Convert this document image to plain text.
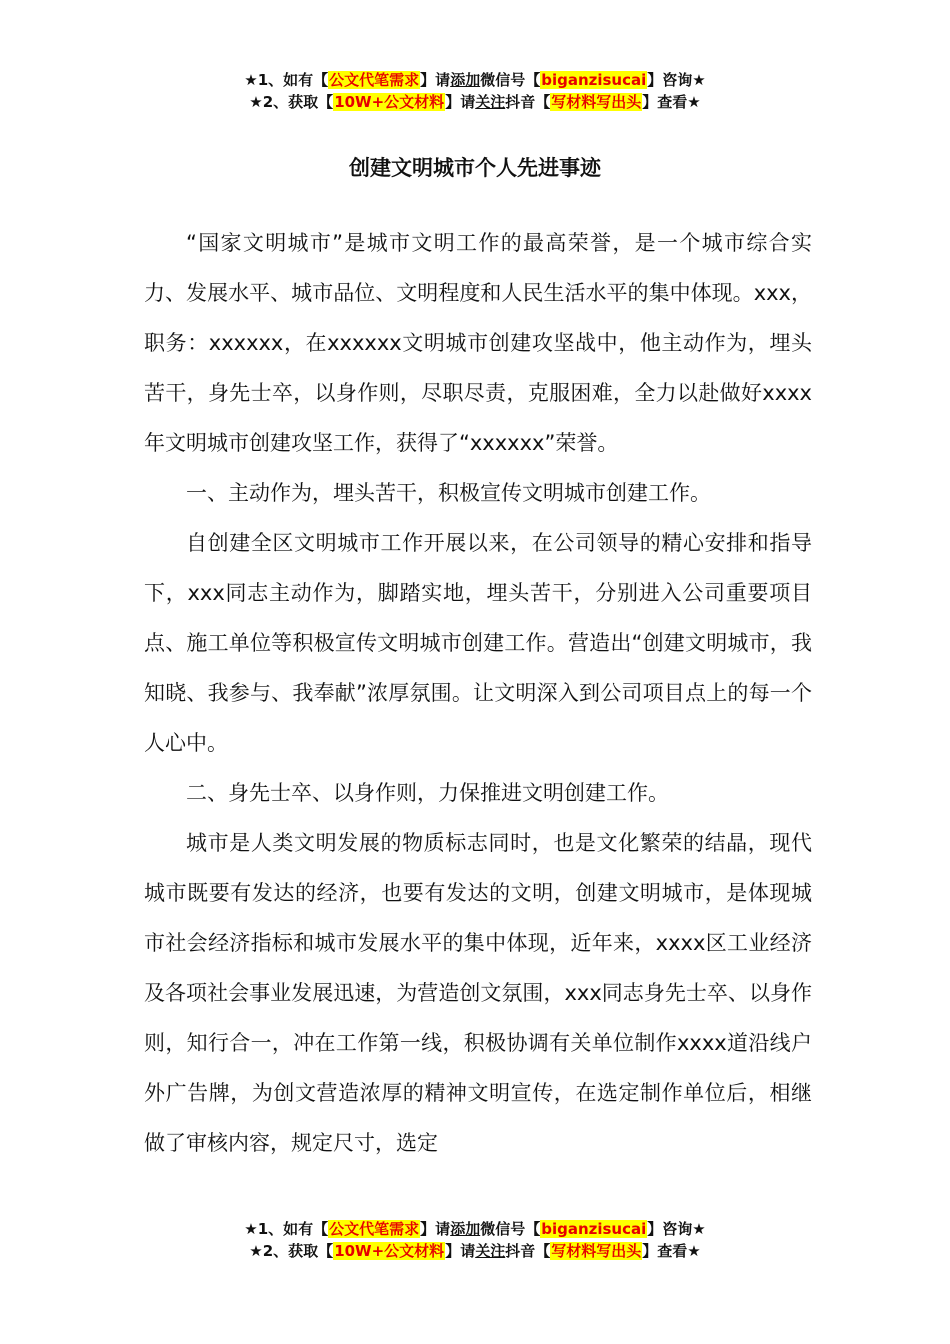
★1、如有【公文代笔需求】请添加微信号【biganzisucai】咨询★
★2、获取【10W+公文材料】请关注抖音【写材料写出头】查看★
创建文明城市个人先进事迹

“国家文明城市”是城市文明工作的最高荣誉，是一个城市综合实力、发展水平、城市品位、文明程度和人民生活水平的集中体现。xxx，职务：xxxxxx，在xxxxxx文明城市创建攻坚战中，他主动作为，埋头苦干，身先士卒，以身作则，尽职尽责，克服困难，全力以赴做好xxxx年文明城市创建攻坚工作，获得了“xxxxxx”荣誉。

一、主动作为，埋头苦干，积极宣传文明城市创建工作。

自创建全区文明城市工作开展以来，在公司领导的精心安排和指导下，xxx同志主动作为，脚踏实地，埋头苦干，分别进入公司重要项目点、施工单位等积极宣传文明城市创建工作。营造出“创建文明城市，我知晓、我参与、我奉献”浓厚氛围。让文明深入到公司项目点上的每一个人心中。

二、身先士卒、以身作则，力保推进文明创建工作。

城市是人类文明发展的物质标志同时，也是文化繁荣的结晶，现代城市既要有发达的经济，也要有发达的文明，创建文明城市，是体现城市社会经济指标和城市发展水平的集中体现，近年来，xxxx区工业经济及各项社会事业发展迅速，为营造创文氛围，xxx同志身先士卒、以身作则，知行合一，冲在工作第一线，积极协调有关单位制作xxxx道沿线户外广告牌，为创文营造浓厚的精神文明宣传，在选定制作单位后，相继做了审核内容，规定尺寸，选定

★1、如有【公文代笔需求】请添加微信号【biganzisucai】咨询★
★2、获取【10W+公文材料】请关注抖音【写材料写出头】查看★
